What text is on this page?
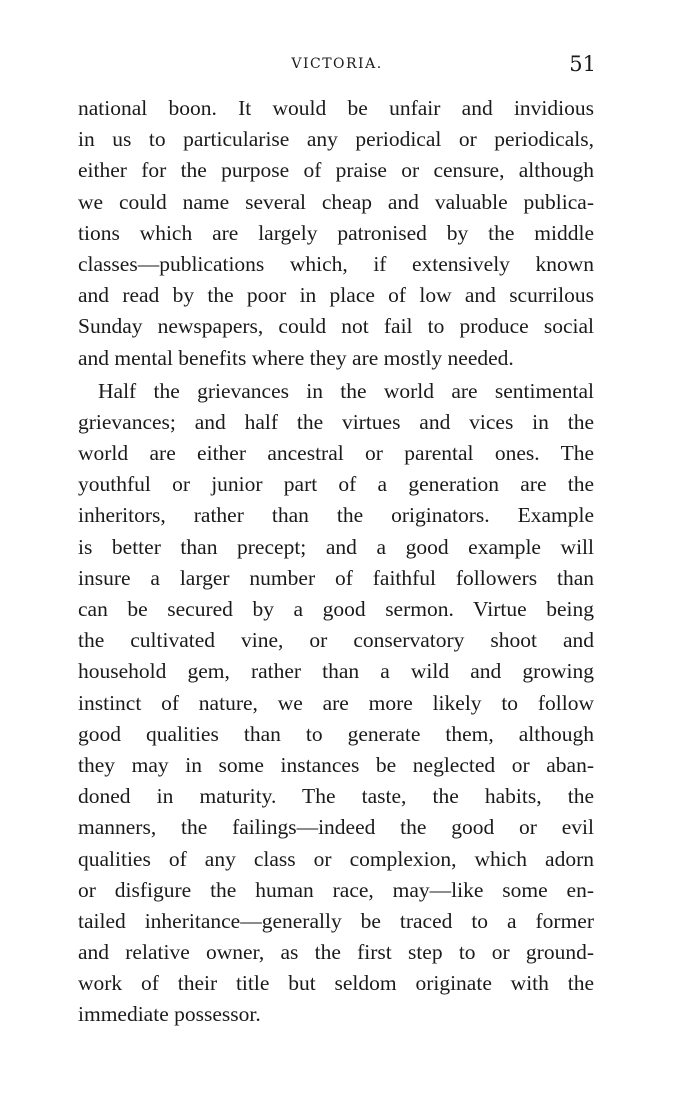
VICTORIA.	51
national boon. It would be unfair and invidious
in us to particularise any periodical or periodicals,
either for the purpose of praise or censure, although
we could name several cheap and valuable publica-
tions which are largely patronised by the middle
classes—publications which, if extensively known
and read by the poor in place of low and scurrilous
Sunday newspapers, could not fail to produce social
and mental benefits where they are mostly needed.
Half the grievances in the world are sentimental
grievances; and half the virtues and vices in the
world are either ancestral or parental ones. The
youthful or junior part of a generation are the
inheritors, rather than the originators. Example
is better than precept; and a good example will
insure a larger number of faithful followers than
can be secured by a good sermon. Virtue being
the cultivated vine, or conservatory shoot and
household gem, rather than a wild and growing
instinct of nature, we are more likely to follow
good qualities than to generate them, although
they may in some instances be neglected or aban-
doned in maturity. The taste, the habits, the
manners, the failings—indeed the good or evil
qualities of any class or complexion, which adorn
or disfigure the human race, may—like some en-
tailed inheritance—generally be traced to a former
and relative owner, as the first step to or ground-
work of their title but seldom originate with the
immediate possessor.
